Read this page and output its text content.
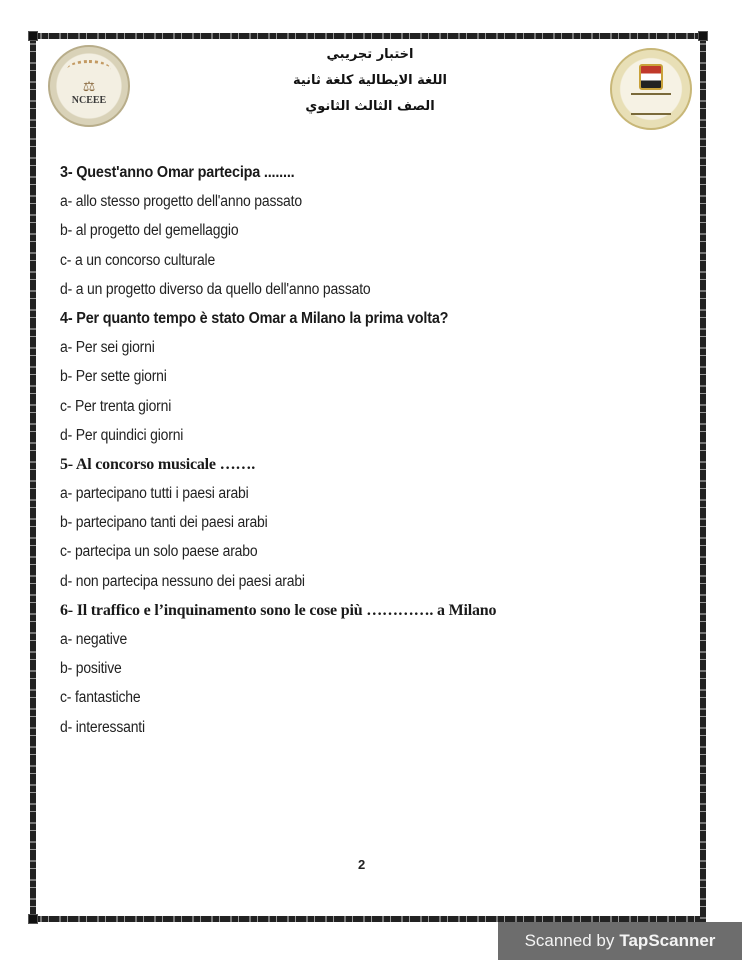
⚖
NCEEE
اختبار تجريبي
اللغة الايطالية كلغة ثانية
الصف الثالث الثانوي
3- Quest'anno Omar partecipa ........
a- allo stesso progetto dell'anno passato
b- al progetto del gemellaggio
c- a un concorso culturale
d- a un progetto diverso da quello dell'anno passato
4- Per quanto tempo è stato Omar a Milano la prima volta?
a- Per sei giorni
b- Per sette giorni
c- Per trenta giorni
d- Per quindici giorni
5- Al concorso musicale …….
a- partecipano tutti i paesi arabi
b- partecipano tanti dei paesi arabi
c- partecipa un solo paese arabo
d- non partecipa nessuno dei paesi arabi
6- Il traffico e l’inquinamento sono le cose più …………. a Milano
a- negative
b- positive
c- fantastiche
d- interessanti
2
Scanned by TapScanner
